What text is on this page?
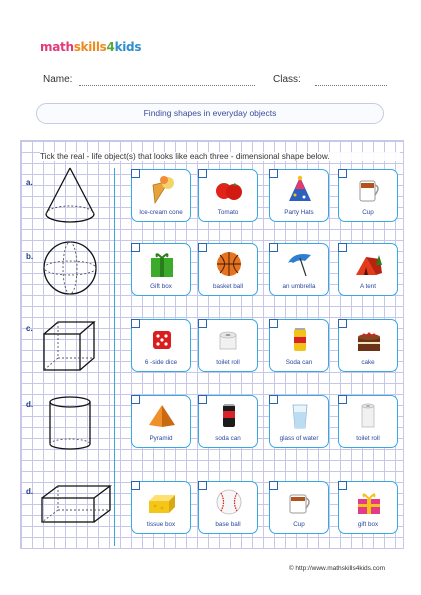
mathskills4kids
Name:	Class:
Finding shapes in everyday objects
Tick the real - life object(s) that looks like each three - dimensional shape below.
a.
b.
c.
d.
d.
Ice-cream cone	Tomato	Party Hats	Cup
Gift box	basket ball	an umbrella	A tent
6 -side dice	toilet roll	Soda can	cake
Pyramid	soda can	glass of water	toilet roll
tissue box	base ball	Cup	gift box
© http://www.mathskills4kids.com
